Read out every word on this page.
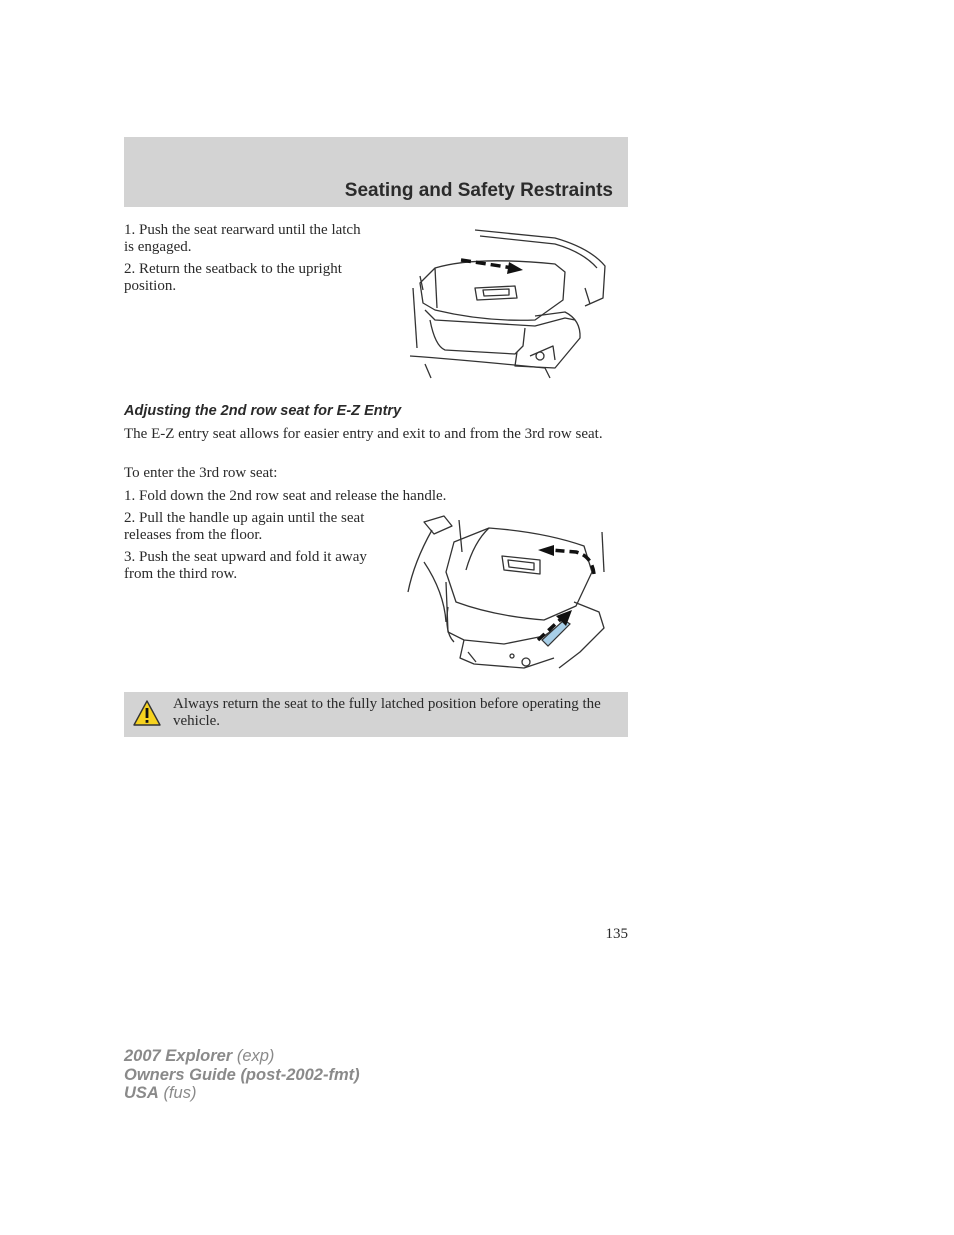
Seating and Safety Restraints

1. Push the seat rearward until the latch is engaged.

2. Return the seatback to the upright position.

Adjusting the 2nd row seat for E-Z Entry

The E-Z entry seat allows for easier entry and exit to and from the 3rd row seat.

To enter the 3rd row seat:

1. Fold down the 2nd row seat and release the handle.

2. Pull the handle up again until the seat releases from the floor.

3. Push the seat upward and fold it away from the third row.

Always return the seat to the fully latched position before operating the vehicle.

135
2007 Explorer (exp)
Owners Guide (post-2002-fmt)
USA (fus)
